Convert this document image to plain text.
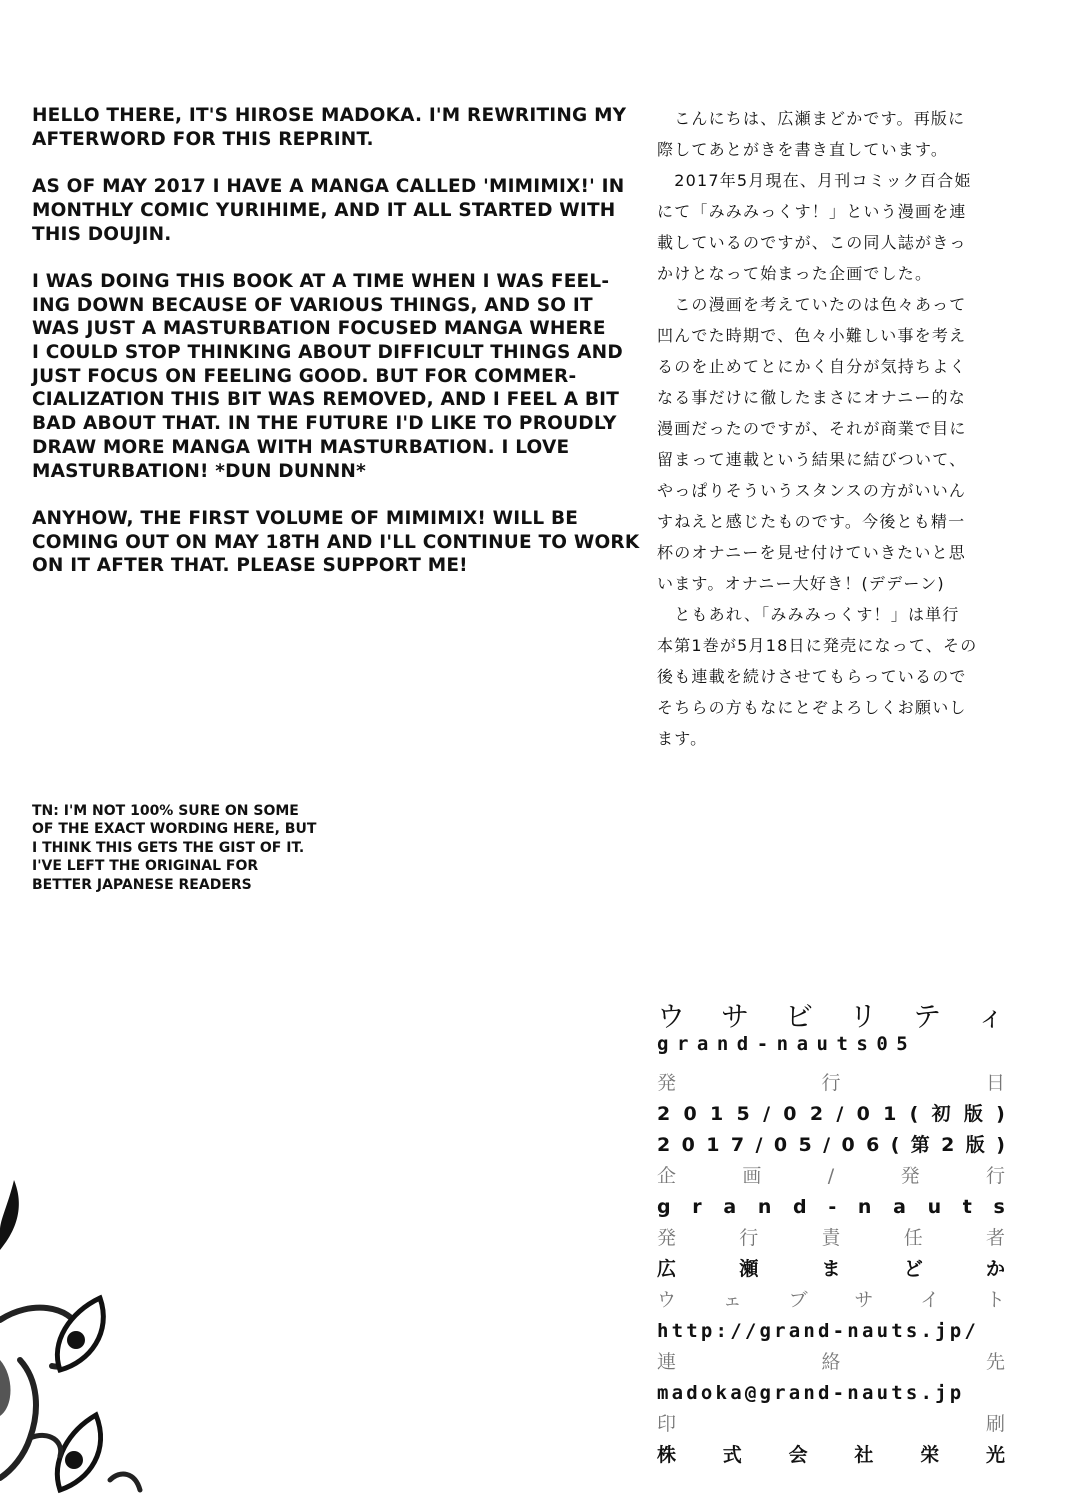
HELLO THERE, IT'S HIROSE MADOKA. I'M REWRITING MY
AFTERWORD FOR THIS REPRINT.

AS OF MAY 2017 I HAVE A MANGA CALLED 'MIMIMIX!' IN
MONTHLY COMIC YURIHIME, AND IT ALL STARTED WITH
THIS DOUJIN.

I WAS DOING THIS BOOK AT A TIME WHEN I WAS FEEL-
ING DOWN BECAUSE OF VARIOUS THINGS, AND SO IT
WAS JUST A MASTURBATION FOCUSED MANGA WHERE
I COULD STOP THINKING ABOUT DIFFICULT THINGS AND
JUST FOCUS ON FEELING GOOD. BUT FOR COMMER-
CIALIZATION THIS BIT WAS REMOVED, AND I FEEL A BIT
BAD ABOUT THAT. IN THE FUTURE I'D LIKE TO PROUDLY
DRAW MORE MANGA WITH MASTURBATION. I LOVE
MASTURBATION! *DUN DUNNN*

ANYHOW, THE FIRST VOLUME OF MIMIMIX! WILL BE
COMING OUT ON MAY 18TH AND I'LL CONTINUE TO WORK
ON IT AFTER THAT. PLEASE SUPPORT ME!

TN: I'M NOT 100% SURE ON SOME
OF THE EXACT WORDING HERE, BUT
I THINK THIS GETS THE GIST OF IT.
I'VE LEFT THE ORIGINAL FOR
BETTER JAPANESE READERS
　こんにちは、広瀬まどかです。再版に
際してあとがきを書き直しています。
　2017年5月現在、月刊コミック百合姫
にて「みみみっくす！」という漫画を連
載しているのですが、この同人誌がきっ
かけとなって始まった企画でした。
　この漫画を考えていたのは色々あって
凹んでた時期で、色々小難しい事を考え
るのを止めてとにかく自分が気持ちよく
なる事だけに徹したまさにオナニー的な
漫画だったのですが、それが商業で目に
留まって連載という結果に結びついて、
やっぱりそういうスタンスの方がいいん
すねえと感じたものです。今後とも精一
杯のオナニーを見せ付けていきたいと思
います。オナニー大好き！(デデーン)
　ともあれ、「みみみっくす！」は単行
本第1巻が5月18日に発売になって、その
後も連載を続けさせてもらっているので
そちらの方もなにとぞよろしくお願いし
ます。
ウ サ ビ リ テ ィ
grand-nauts05
発	行	日
2 0 1 5 / 0 2 / 0 1 ( 初 版 )
2 0 1 7 / 0 5 / 0 6 ( 第 2 版 )
企	画	/	発	行
g r a n d - n a u t s
発	行	責	任	者
広	瀬	ま	ど	か
ウ ェ ブ サ イ ト
http://grand-nauts.jp/
連	絡	先
madoka@grand-nauts.jp
印	刷
株 式 会 社 栄 光
